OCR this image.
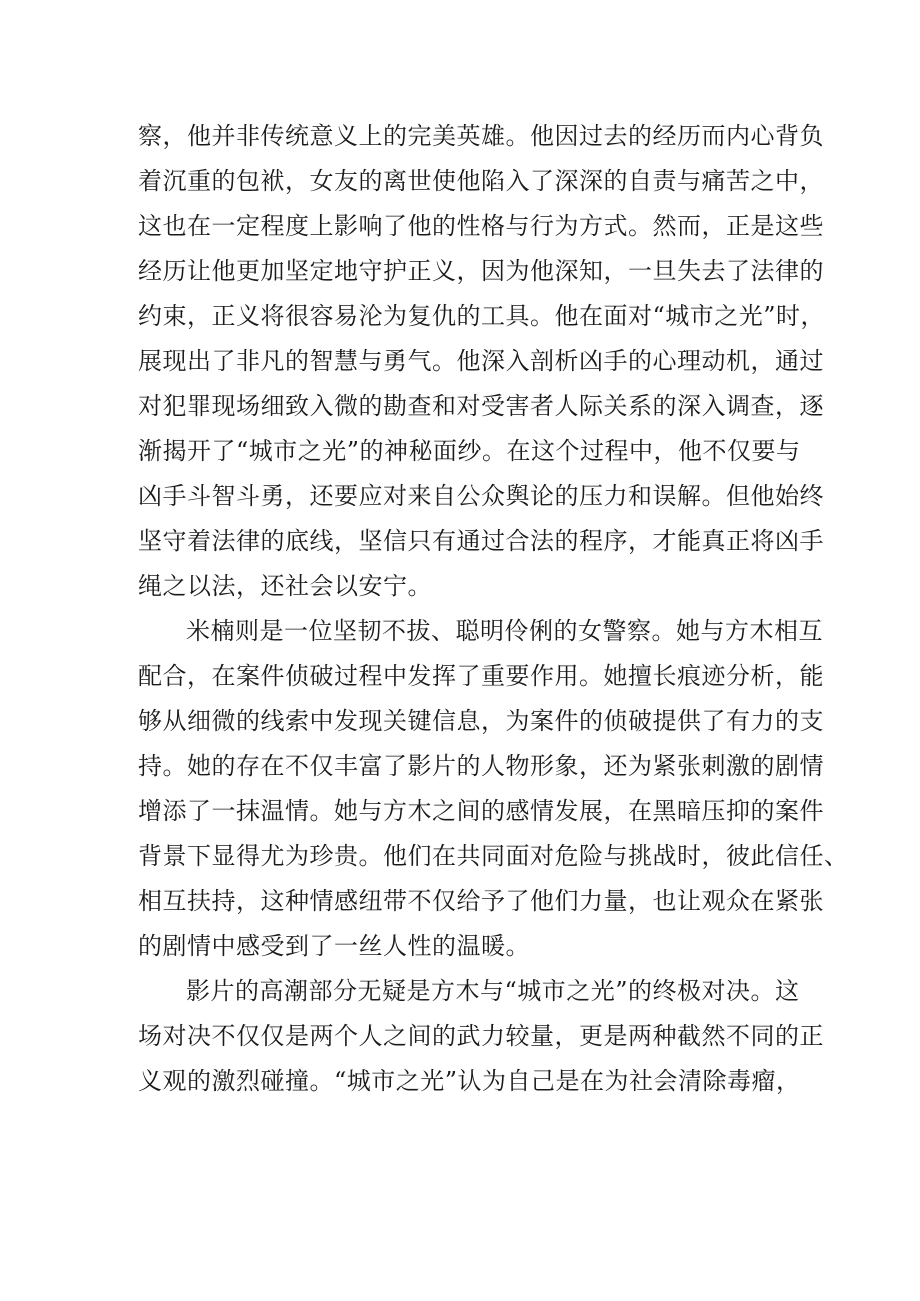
察，他并非传统意义上的完美英雄。他因过去的经历而内心背负
着沉重的包袱，女友的离世使他陷入了深深的自责与痛苦之中，
这也在一定程度上影响了他的性格与行为方式。然而，正是这些
经历让他更加坚定地守护正义，因为他深知，一旦失去了法律的
约束，正义将很容易沦为复仇的工具。他在面对“城市之光”时，
展现出了非凡的智慧与勇气。他深入剖析凶手的心理动机，通过
对犯罪现场细致入微的勘查和对受害者人际关系的深入调查，逐
渐揭开了“城市之光”的神秘面纱。在这个过程中，他不仅要与
凶手斗智斗勇，还要应对来自公众舆论的压力和误解。但他始终
坚守着法律的底线，坚信只有通过合法的程序，才能真正将凶手
绳之以法，还社会以安宁。
米楠则是一位坚韧不拔、聪明伶俐的女警察。她与方木相互
配合，在案件侦破过程中发挥了重要作用。她擅长痕迹分析，能
够从细微的线索中发现关键信息，为案件的侦破提供了有力的支
持。她的存在不仅丰富了影片的人物形象，还为紧张刺激的剧情
增添了一抹温情。她与方木之间的感情发展，在黑暗压抑的案件
背景下显得尤为珍贵。他们在共同面对危险与挑战时，彼此信任、
相互扶持，这种情感纽带不仅给予了他们力量，也让观众在紧张
的剧情中感受到了一丝人性的温暖。
影片的高潮部分无疑是方木与“城市之光”的终极对决。这
场对决不仅仅是两个人之间的武力较量，更是两种截然不同的正
义观的激烈碰撞。“城市之光”认为自己是在为社会清除毒瘤，
